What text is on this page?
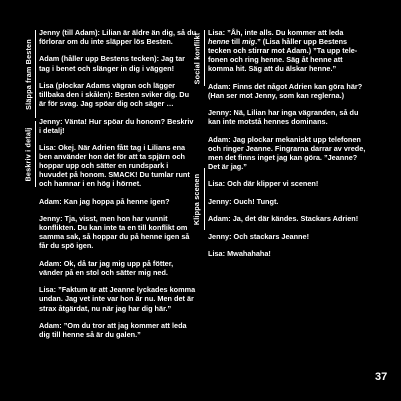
Släppa fram Besten
Beskriv i detalj

Jenny (till Adam): Lilian är äldre än dig, så du förlorar om du inte släpper lös Besten.

Adam (håller upp Bestens tecken): Jag tar tag i benet och slänger in dig i väggen!

Lisa (plockar Adams vägran och lägger tillbaka den i skålen): Besten sviker dig. Du är för svag. Jag spöar dig och säger …

Jenny: Vänta! Hur spöar du honom? Beskriv i detalj!

Lisa: Okej. När Adrien fått tag i Lilians ena ben använder hon det för att ta spjärn och hoppar upp och sätter en rundspark i huvudet på honom. SMACK! Du tumlar runt och hamnar i en hög i hörnet.

Adam: Kan jag hoppa på henne igen?

Jenny: Tja, visst, men hon har vunnit konflikten. Du kan inte ta en till konflikt om samma sak, så hoppar du på henne igen så får du spö igen.

Adam: Ok, då tar jag mig upp på fötter, vänder på en stol och sätter mig ned.

Lisa: ”Faktum är att Jeanne lyckades komma undan. Jag vet inte var hon är nu. Men det är strax åtgärdat, nu när jag har dig här.”

Adam: ”Om du tror att jag kommer att leda dig till henne så är du galen.”

Social konflikt
Klippa scenen

Lisa: ”Åh, inte alls. Du kommer att leda henne till mig.” (Lisa håller upp Bestens tecken och stirrar mot Adam.) ”Ta upp telefonen och ring henne. Säg åt henne att komma hit. Säg att du älskar henne.”

Adam: Finns det något Adrien kan göra här? (Han ser mot Jenny, som kan reglerna.)

Jenny: Nä, Lilian har inga vägranden, så du kan inte motstå hennes dominans.

Adam: Jag plockar mekaniskt upp telefonen och ringer Jeanne. Fingrarna darrar av vrede, men det finns inget jag kan göra. ”Jeanne? Det är jag.”

Lisa: Och där klipper vi scenen!

Jenny: Ouch! Tungt.

Adam: Ja, det där kändes. Stackars Adrien!

Jenny: Och stackars Jeanne!

Lisa: Mwahahaha!

37
